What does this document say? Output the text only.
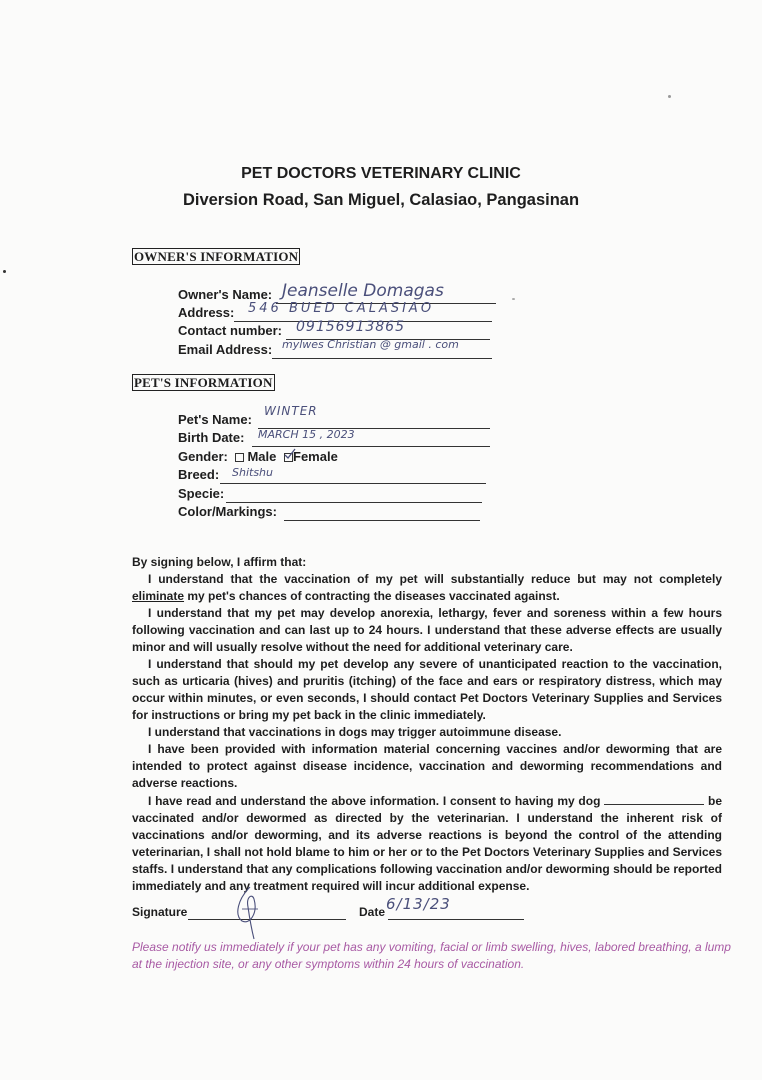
PET DOCTORS VETERINARY CLINIC
Diversion Road, San Miguel, Calasiao, Pangasinan
OWNER'S INFORMATION
Owner's Name: Jeanselle Domagas
Address: 546 BUED CALASIAO
Contact number: 09156913865
Email Address: mylwes Christian @ gmail . com
PET'S INFORMATION
Pet's Name:
WINTER
Birth Date: MARCH 15 , 2023
Gender: Male Female
Breed: Shitshu
Specie:
Color/Markings:

By signing below, I affirm that:

I understand that the vaccination of my pet will substantially reduce but may not completely eliminate my pet's chances of contracting the diseases vaccinated against.

I understand that my pet may develop anorexia, lethargy, fever and soreness within a few hours following vaccination and can last up to 24 hours. I understand that these adverse effects are usually minor and will usually resolve without the need for additional veterinary care.

I understand that should my pet develop any severe of unanticipated reaction to the vaccination, such as urticaria (hives) and pruritis (itching) of the face and ears or respiratory distress, which may occur within minutes, or even seconds, I should contact Pet Doctors Veterinary Supplies and Services for instructions or bring my pet back in the clinic immediately.

I understand that vaccinations in dogs may trigger autoimmune disease.

I have been provided with information material concerning vaccines and/or deworming that are intended to protect against disease incidence, vaccination and deworming recommendations and adverse reactions.

I have read and understand the above information. I consent to having my dog	be vaccinated and/or dewormed as directed by the veterinarian. I understand the inherent risk of vaccinations and/or deworming, and its adverse reactions is beyond the control of the attending veterinarian, I shall not hold blame to him or her or to the Pet Doctors Veterinary Supplies and Services staffs. I understand that any complications following vaccination and/or deworming should be reported immediately and any treatment required will incur additional expense.

Signature	Date 6/13/23
Please notify us immediately if your pet has any vomiting, facial or limb swelling, hives, labored breathing, a lump at the injection site, or any other symptoms within 24 hours of vaccination.
